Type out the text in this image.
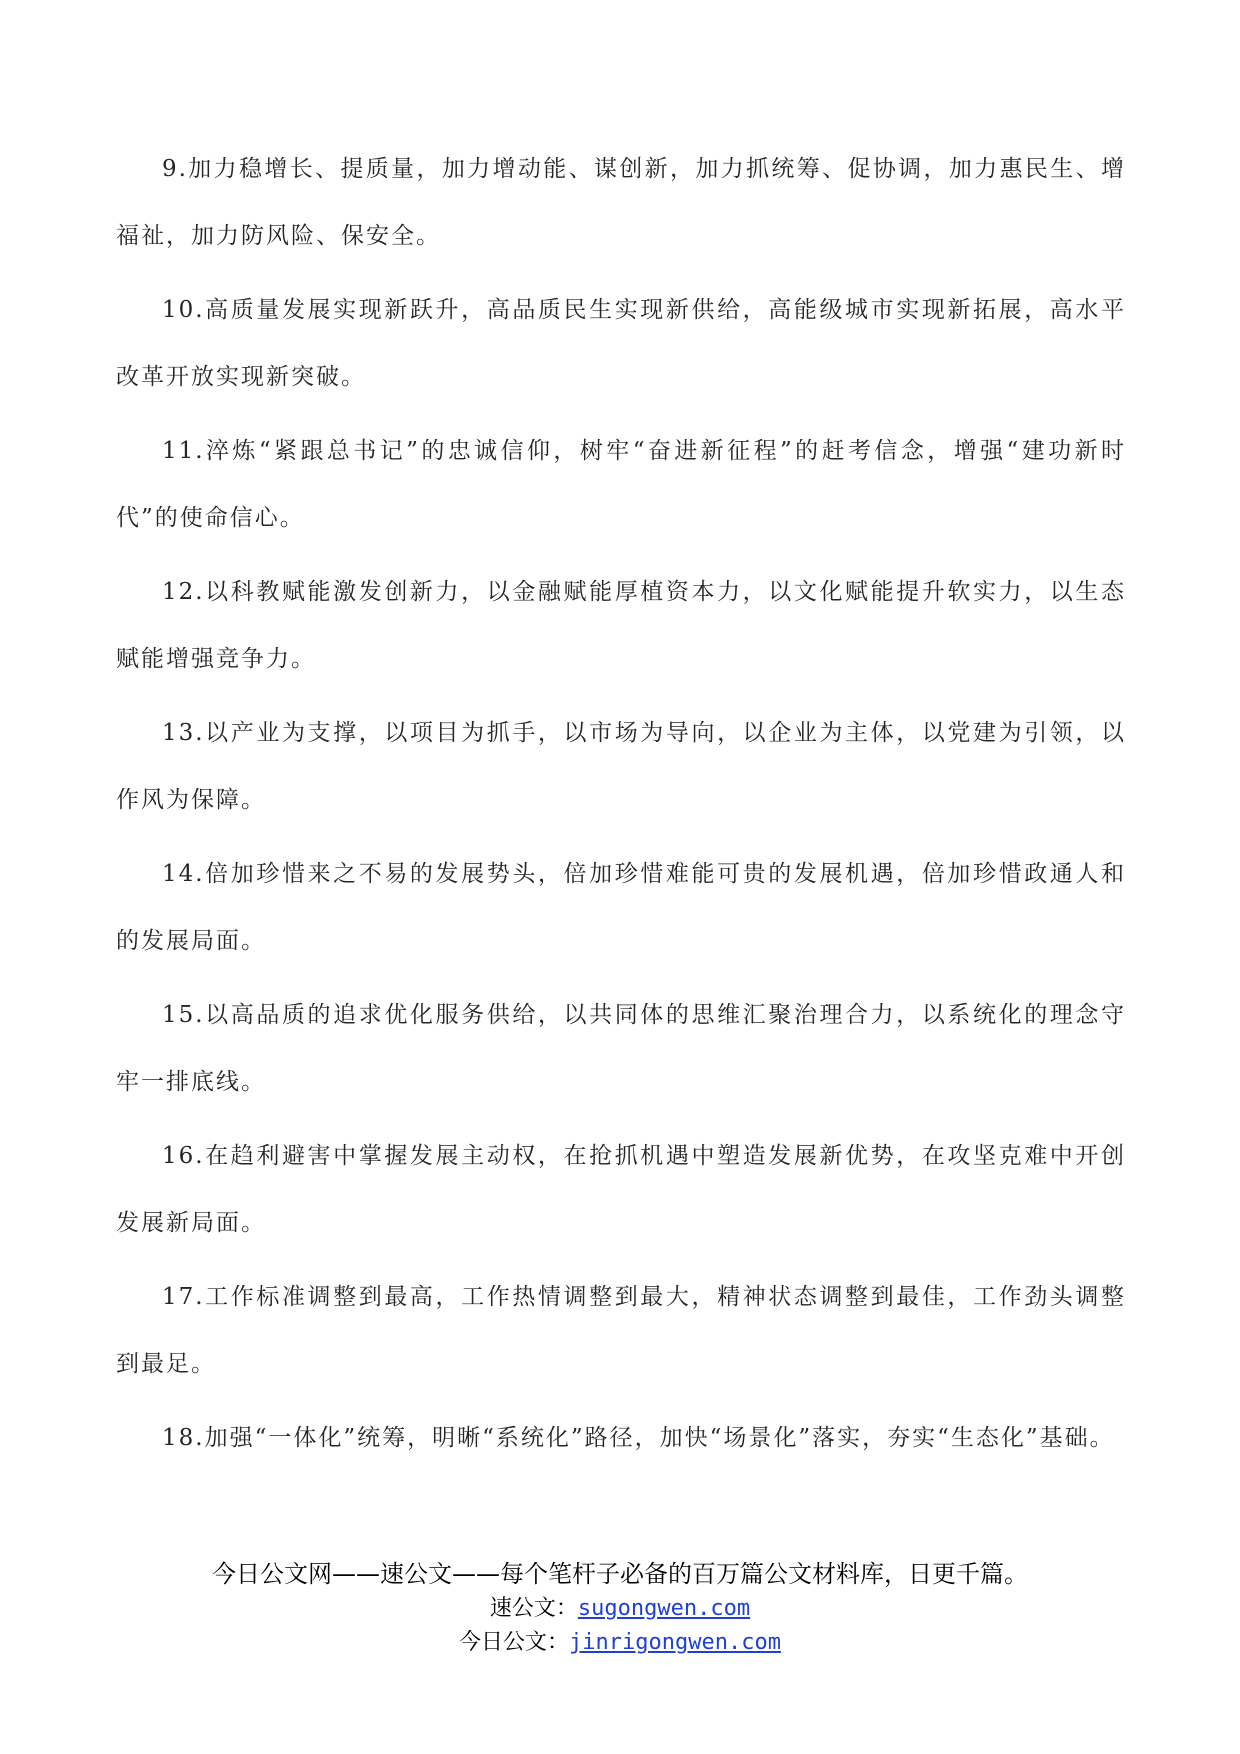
9.加力稳增长、提质量，加力增动能、谋创新，加力抓统筹、促协调，加力惠民生、增福祉，加力防风险、保安全。

10.高质量发展实现新跃升，高品质民生实现新供给，高能级城市实现新拓展，高水平改革开放实现新突破。

11.淬炼“紧跟总书记”的忠诚信仰，树牢“奋进新征程”的赶考信念，增强“建功新时代”的使命信心。

12.以科教赋能激发创新力，以金融赋能厚植资本力，以文化赋能提升软实力，以生态赋能增强竞争力。

13.以产业为支撑，以项目为抓手，以市场为导向，以企业为主体，以党建为引领，以作风为保障。

14.倍加珍惜来之不易的发展势头，倍加珍惜难能可贵的发展机遇，倍加珍惜政通人和的发展局面。

15.以高品质的追求优化服务供给，以共同体的思维汇聚治理合力，以系统化的理念守牢一排底线。

16.在趋利避害中掌握发展主动权，在抢抓机遇中塑造发展新优势，在攻坚克难中开创发展新局面。

17.工作标准调整到最高，工作热情调整到最大，精神状态调整到最佳，工作劲头调整到最足。

18.加强“一体化”统筹，明晰“系统化”路径，加快“场景化”落实，夯实“生态化”基础。

今日公文网——速公文——每个笔杆子必备的百万篇公文材料库，日更千篇。
速公文：sugongwen.com
今日公文：jinrigongwen.com
